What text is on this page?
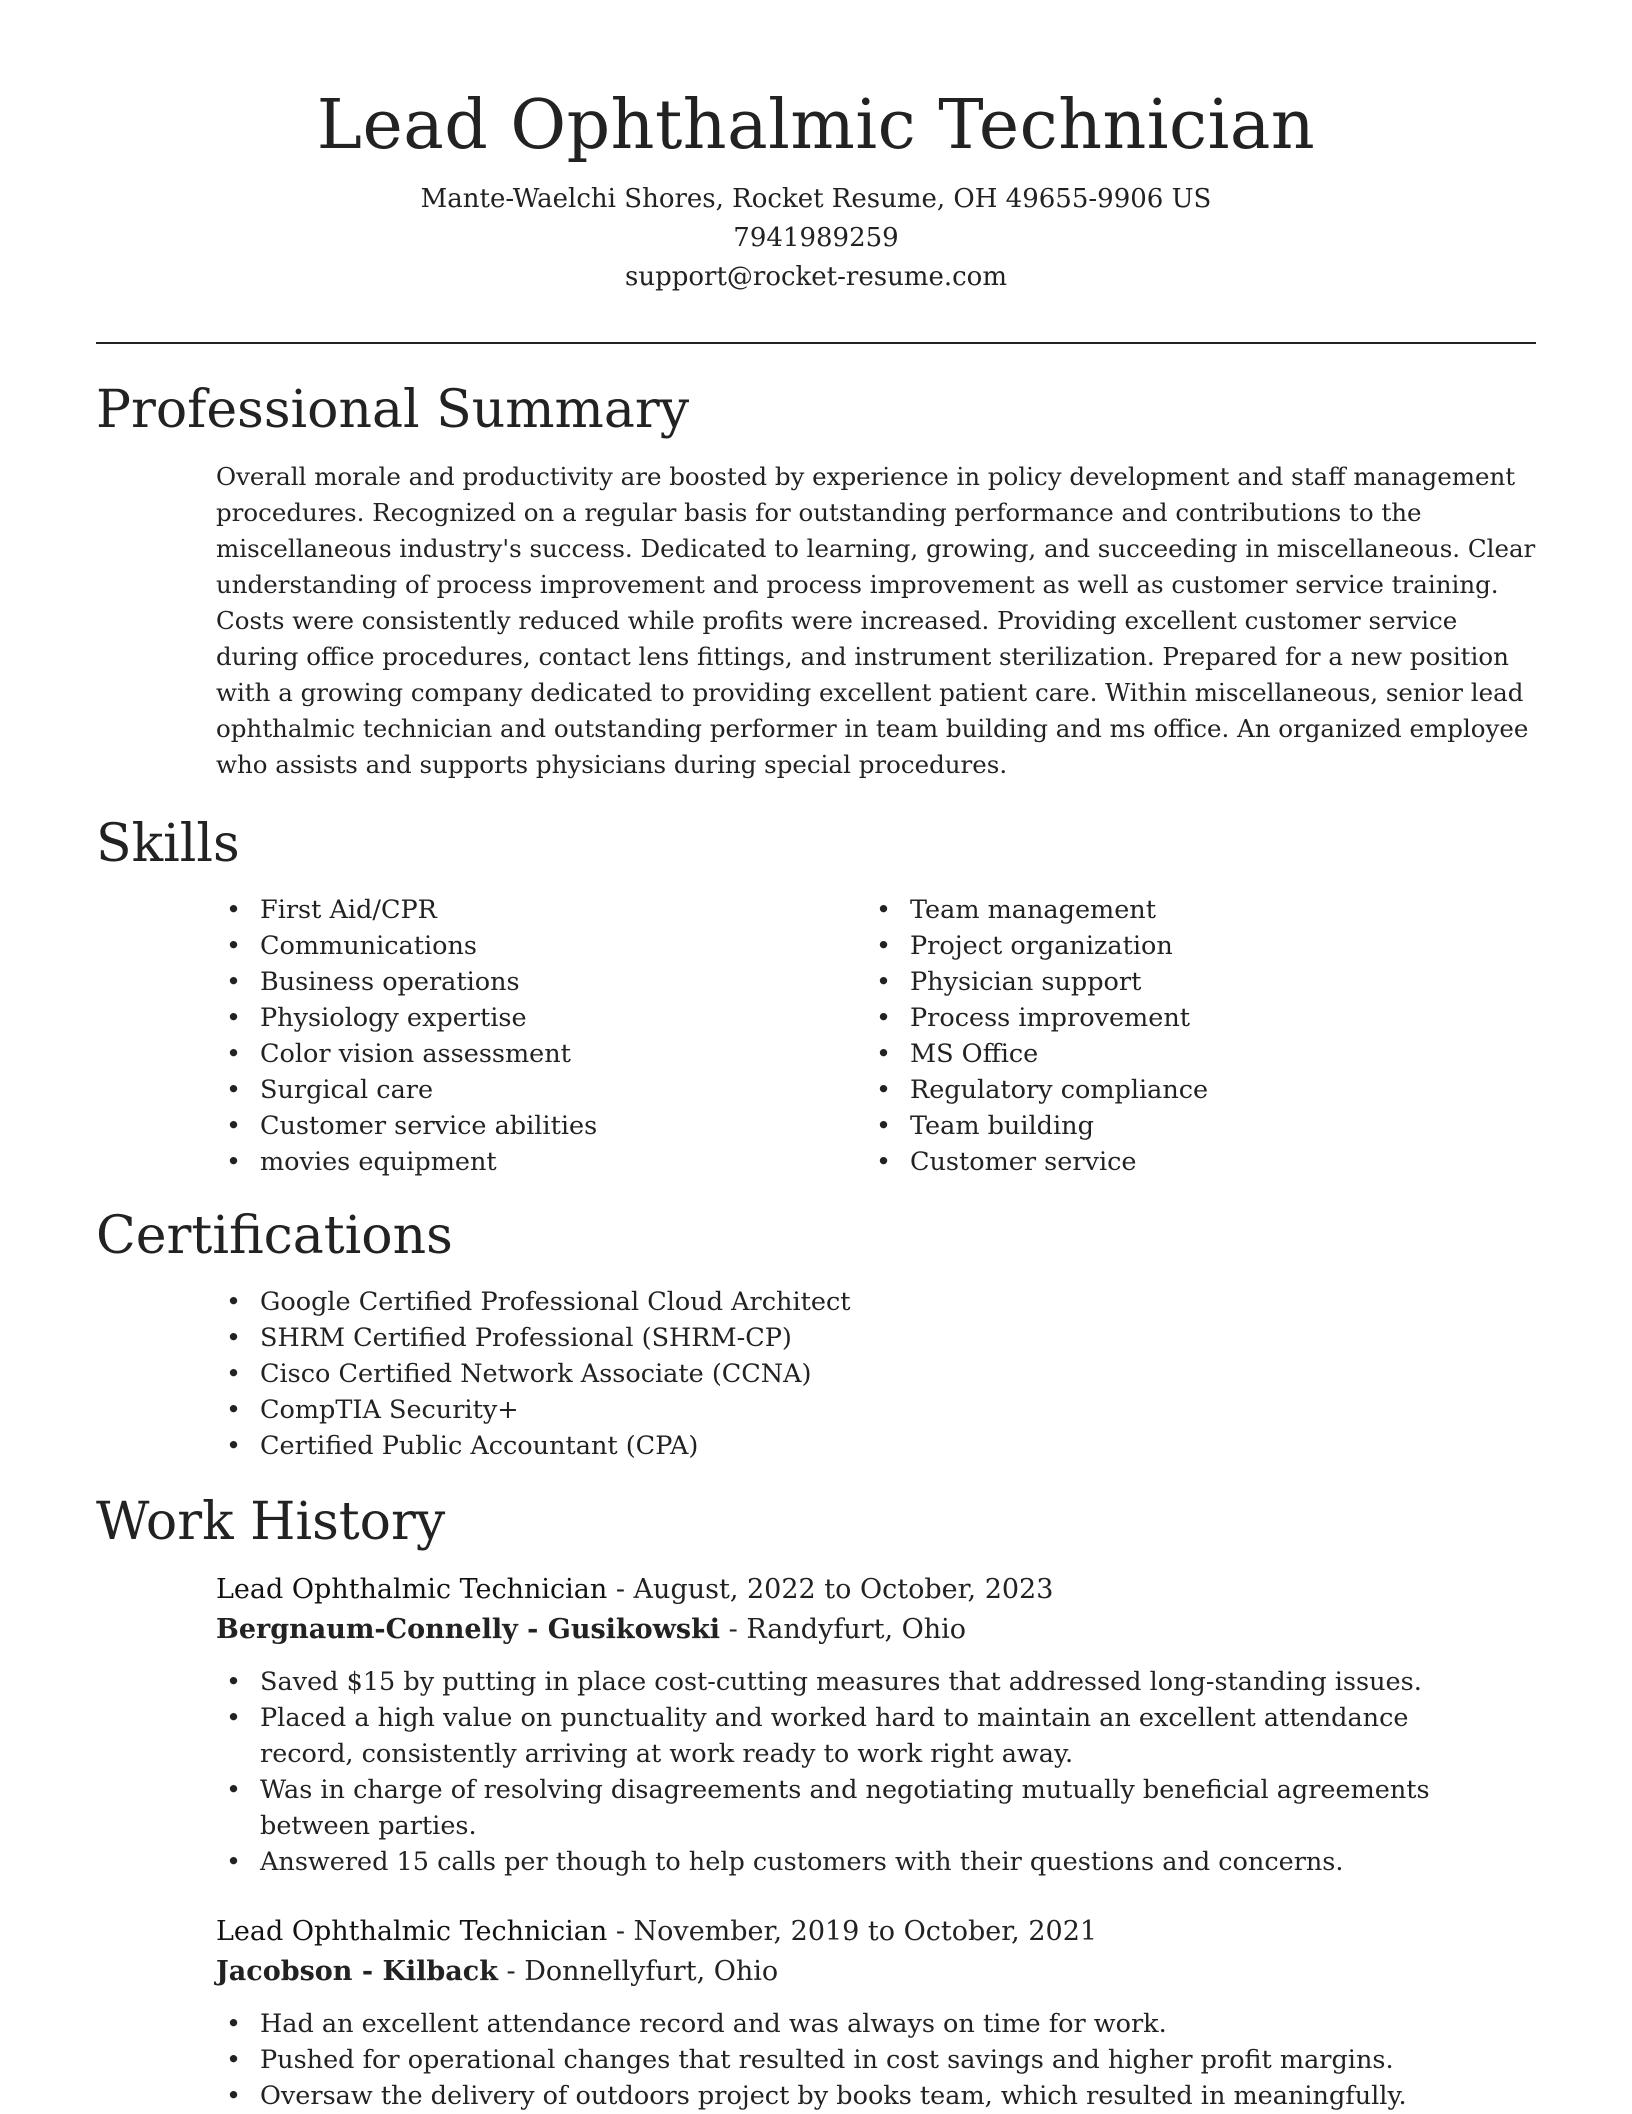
Lead Ophthalmic Technician
Mante-Waelchi Shores, Rocket Resume, OH 49655-9906 US
7941989259
support@rocket-resume.com
Professional Summary
Overall morale and productivity are boosted by experience in policy development and staff management procedures. Recognized on a regular basis for outstanding performance and contributions to the miscellaneous industry's success. Dedicated to learning, growing, and succeeding in miscellaneous. Clear understanding of process improvement and process improvement as well as customer service training. Costs were consistently reduced while profits were increased. Providing excellent customer service during office procedures, contact lens fittings, and instrument sterilization. Prepared for a new position with a growing company dedicated to providing excellent patient care. Within miscellaneous, senior lead ophthalmic technician and outstanding performer in team building and ms office. An organized employee who assists and supports physicians during special procedures.
Skills
• First Aid/CPR
• Communications
• Business operations
• Physiology expertise
• Color vision assessment
• Surgical care
• Customer service abilities
• movies equipment
• Team management
• Project organization
• Physician support
• Process improvement
• MS Office
• Regulatory compliance
• Team building
• Customer service
Certifications
• Google Certified Professional Cloud Architect
• SHRM Certified Professional (SHRM-CP)
• Cisco Certified Network Associate (CCNA)
• CompTIA Security+
• Certified Public Accountant (CPA)
Work History
Lead Ophthalmic Technician - August, 2022 to October, 2023
Bergnaum-Connelly - Gusikowski - Randyfurt, Ohio
• Saved $15 by putting in place cost-cutting measures that addressed long-standing issues.
• Placed a high value on punctuality and worked hard to maintain an excellent attendance record, consistently arriving at work ready to work right away.
• Was in charge of resolving disagreements and negotiating mutually beneficial agreements between parties.
• Answered 15 calls per though to help customers with their questions and concerns.
Lead Ophthalmic Technician - November, 2019 to October, 2021
Jacobson - Kilback - Donnellyfurt, Ohio
• Had an excellent attendance record and was always on time for work.
• Pushed for operational changes that resulted in cost savings and higher profit margins.
• Oversaw the delivery of outdoors project by books team, which resulted in meaningfully.
